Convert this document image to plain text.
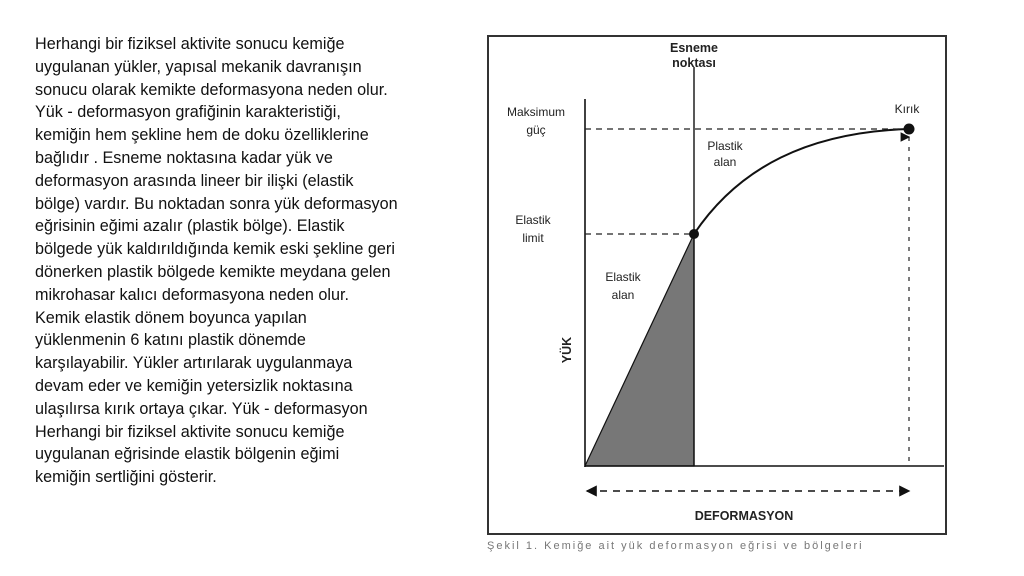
Herhangi bir fiziksel aktivite sonucu kemiğe
uygulanan yükler, yapısal mekanik davranışın
sonucu olarak kemikte deformasyona neden olur.
Yük - deformasyon grafiğinin karakteristiği,
kemiğin hem şekline hem de doku özelliklerine
bağlıdır . Esneme noktasına kadar yük ve
deformasyon arasında lineer bir ilişki (elastik
bölge) vardır. Bu noktadan sonra yük deformasyon
eğrisinin eğimi azalır (plastik bölge). Elastik
bölgede yük kaldırıldığında kemik eski şekline geri
dönerken plastik bölgede kemikte meydana gelen
mikrohasar kalıcı deformasyona neden olur.
Kemik elastik dönem boyunca yapılan
yüklenmenin 6 katını plastik dönemde
karşılayabilir. Yükler artırılarak uygulanmaya
devam eder ve kemiğin yetersizlik noktasına
ulaşılırsa kırık ortaya çıkar. Yük - deformasyon
Herhangi bir fiziksel aktivite sonucu kemiğe
uygulanan eğrisinde elastik bölgenin eğimi
kemiğin sertliğini gösterir.
Esneme
noktası
Maksimum
güç
Kırık
Plastik
alan
Elastik
limit
Elastik
alan
YÜK
DEFORMASYON
Şekil 1. Kemiğe ait yük deformasyon eğrisi ve bölgeleri
